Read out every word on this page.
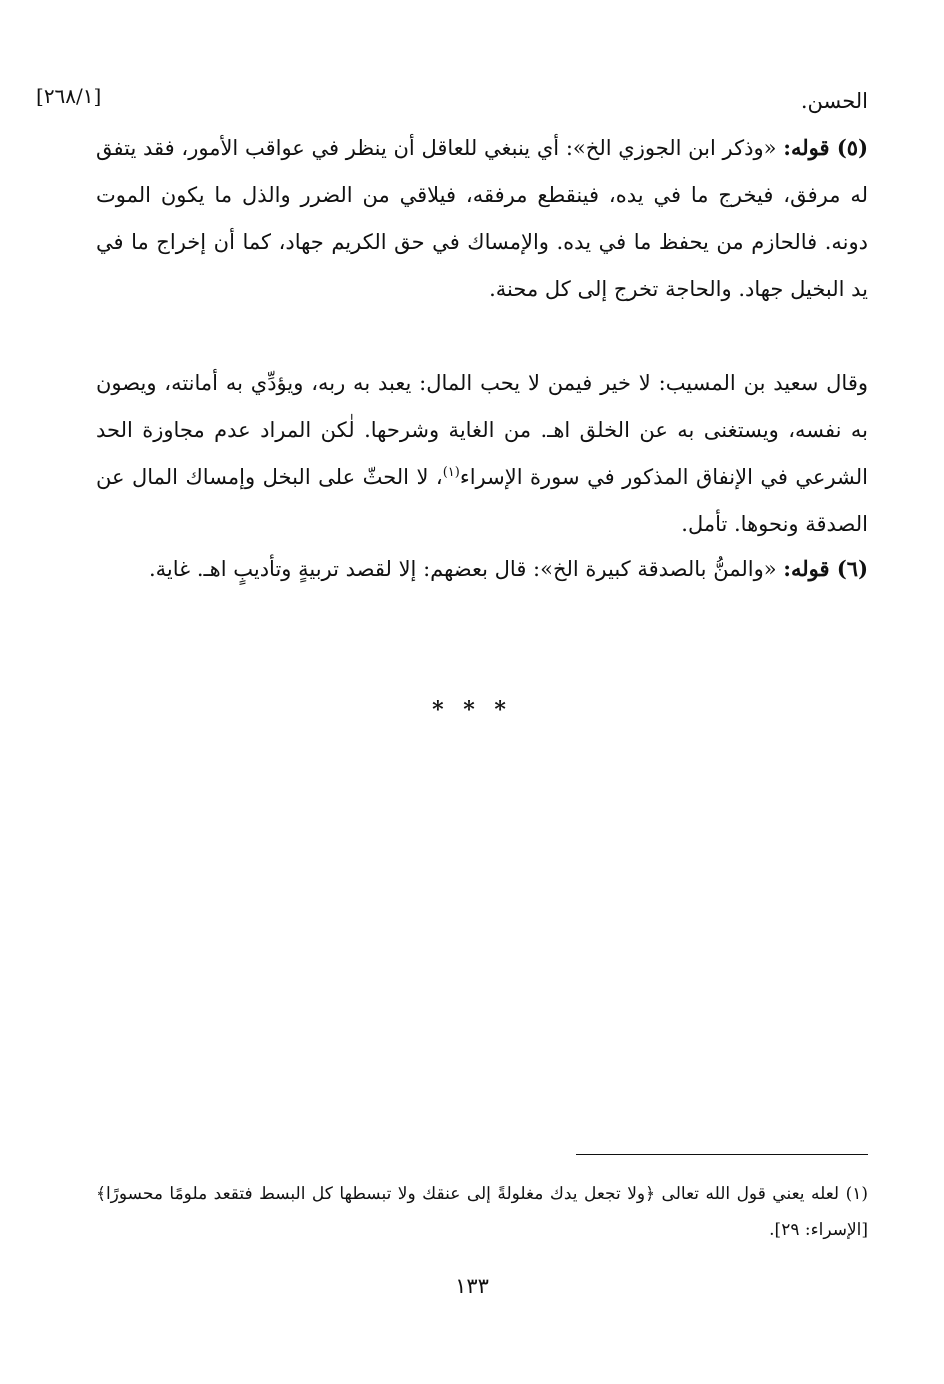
[٢٦٨/١]	الحسن.

(٥) قوله: «وذكر ابن الجوزي الخ»: أي ينبغي للعاقل أن ينظر في عواقب الأمور، فقد يتفق له مرفق، فيخرج ما في يده، فينقطع مرفقه، فيلاقي من الضرر والذل ما يكون الموت دونه. فالحازم من يحفظ ما في يده. والإمساك في حق الكريم جهاد، كما أن إخراج ما في يد البخيل جهاد. والحاجة تخرج إلى كل محنة.

وقال سعيد بن المسيب: لا خير فيمن لا يحب المال: يعبد به ربه، ويؤدِّي به أمانته، ويصون به نفسه، ويستغنى به عن الخلق اهـ. من الغاية وشرحها. لٰكن المراد عدم مجاوزة الحد الشرعي في الإنفاق المذكور في سورة الإسراء$^{(١)}$، لا الحثّ على البخل وإمساك المال عن الصدقة ونحوها. تأمل.

(٦) قوله: «والمنُّ بالصدقة كبيرة الخ»: قال بعضهم: إلا لقصد تربيةٍ وتأديبٍ اهـ. غاية.

* * *

(١) لعله يعني قول الله تعالى ﴿ولا تجعل يدك مغلولةً إلى عنقك ولا تبسطها كل البسط فتقعد ملومًا محسورًا﴾ [الإسراء: ٢٩].

١٣٣
